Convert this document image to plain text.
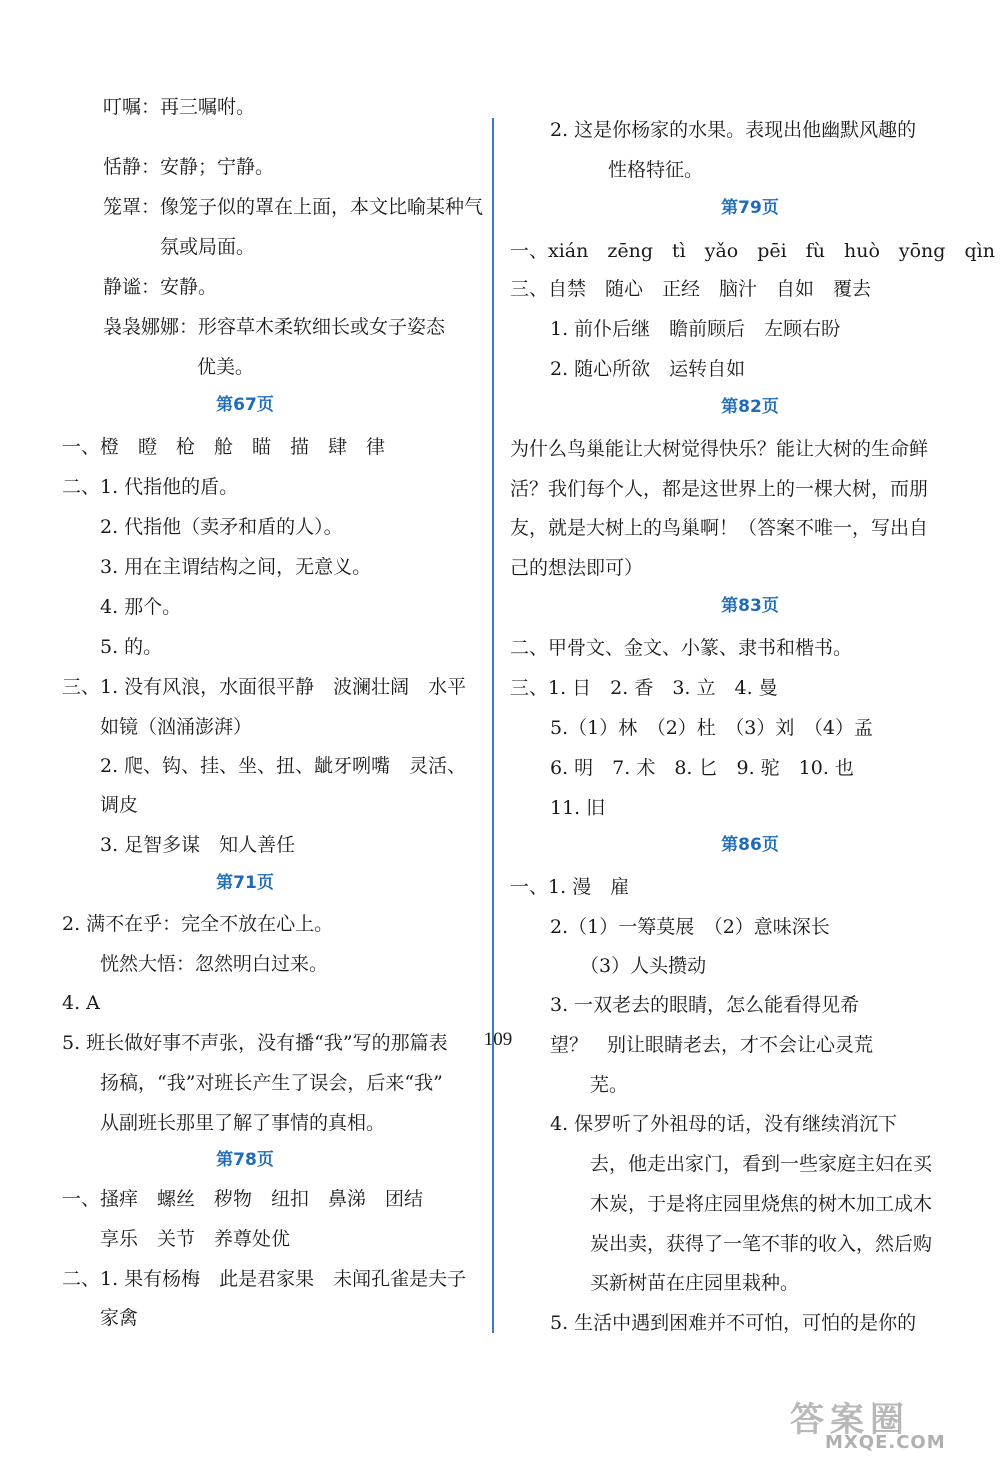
叮嘱：再三嘱咐。
恬静：安静；宁静。
笼罩：像笼子似的罩在上面，本文比喻某种气
氛或局面。
静谧：安静。
袅袅娜娜：形容草木柔软细长或女子姿态
优美。
第67页
一、橙　瞪　枪　舱　瞄　描　肆　律
二、1. 代指他的盾。
2. 代指他（卖矛和盾的人）。
3. 用在主谓结构之间，无意义。
4. 那个。
5. 的。
三、1. 没有风浪，水面很平静　波澜壮阔　水平
如镜（汹涌澎湃）
2. 爬、钩、挂、坐、扭、龇牙咧嘴　灵活、
调皮
3. 足智多谋　知人善任
第71页
2. 满不在乎：完全不放在心上。
恍然大悟：忽然明白过来。
4. A
5. 班长做好事不声张，没有播“我”写的那篇表
扬稿，“我”对班长产生了误会，后来“我”
从副班长那里了解了事情的真相。
第78页
一、搔痒　螺丝　秽物　纽扣　鼻涕　团结
享乐　关节　养尊处优
二、1. 果有杨梅　此是君家果　未闻孔雀是夫子
家禽
2. 这是你杨家的水果。表现出他幽默风趣的
性格特征。
第79页
一、xián　zēng　tì　yǎo　pēi　fù　huò　yōng　qìn
三、自禁　随心　正经　脑汁　自如　覆去
1. 前仆后继　瞻前顾后　左顾右盼
2. 随心所欲　运转自如
第82页
为什么鸟巢能让大树觉得快乐？能让大树的生命鲜
活？我们每个人，都是这世界上的一棵大树，而朋
友，就是大树上的鸟巢啊！（答案不唯一，写出自
己的想法即可）
第83页
二、甲骨文、金文、小篆、隶书和楷书。
三、1. 日　2. 香　3. 立　4. 曼
5.（1）林　（2）杜　（3）刘　（4）孟
6. 明　7. 术　8. 匕　9. 驼　10. 也
11. 旧
第86页
一、1. 漫　雇
2.（1）一筹莫展　（2）意味深长
（3）人头攒动
3. 一双老去的眼睛，怎么能看得见希
望？　别让眼睛老去，才不会让心灵荒
芜。
4. 保罗听了外祖母的话，没有继续消沉下
去，他走出家门，看到一些家庭主妇在买
木炭，于是将庄园里烧焦的树木加工成木
炭出卖，获得了一笔不菲的收入，然后购
买新树苗在庄园里栽种。
5. 生活中遇到困难并不可怕，可怕的是你的
109
答案圈
MXQE.COM
